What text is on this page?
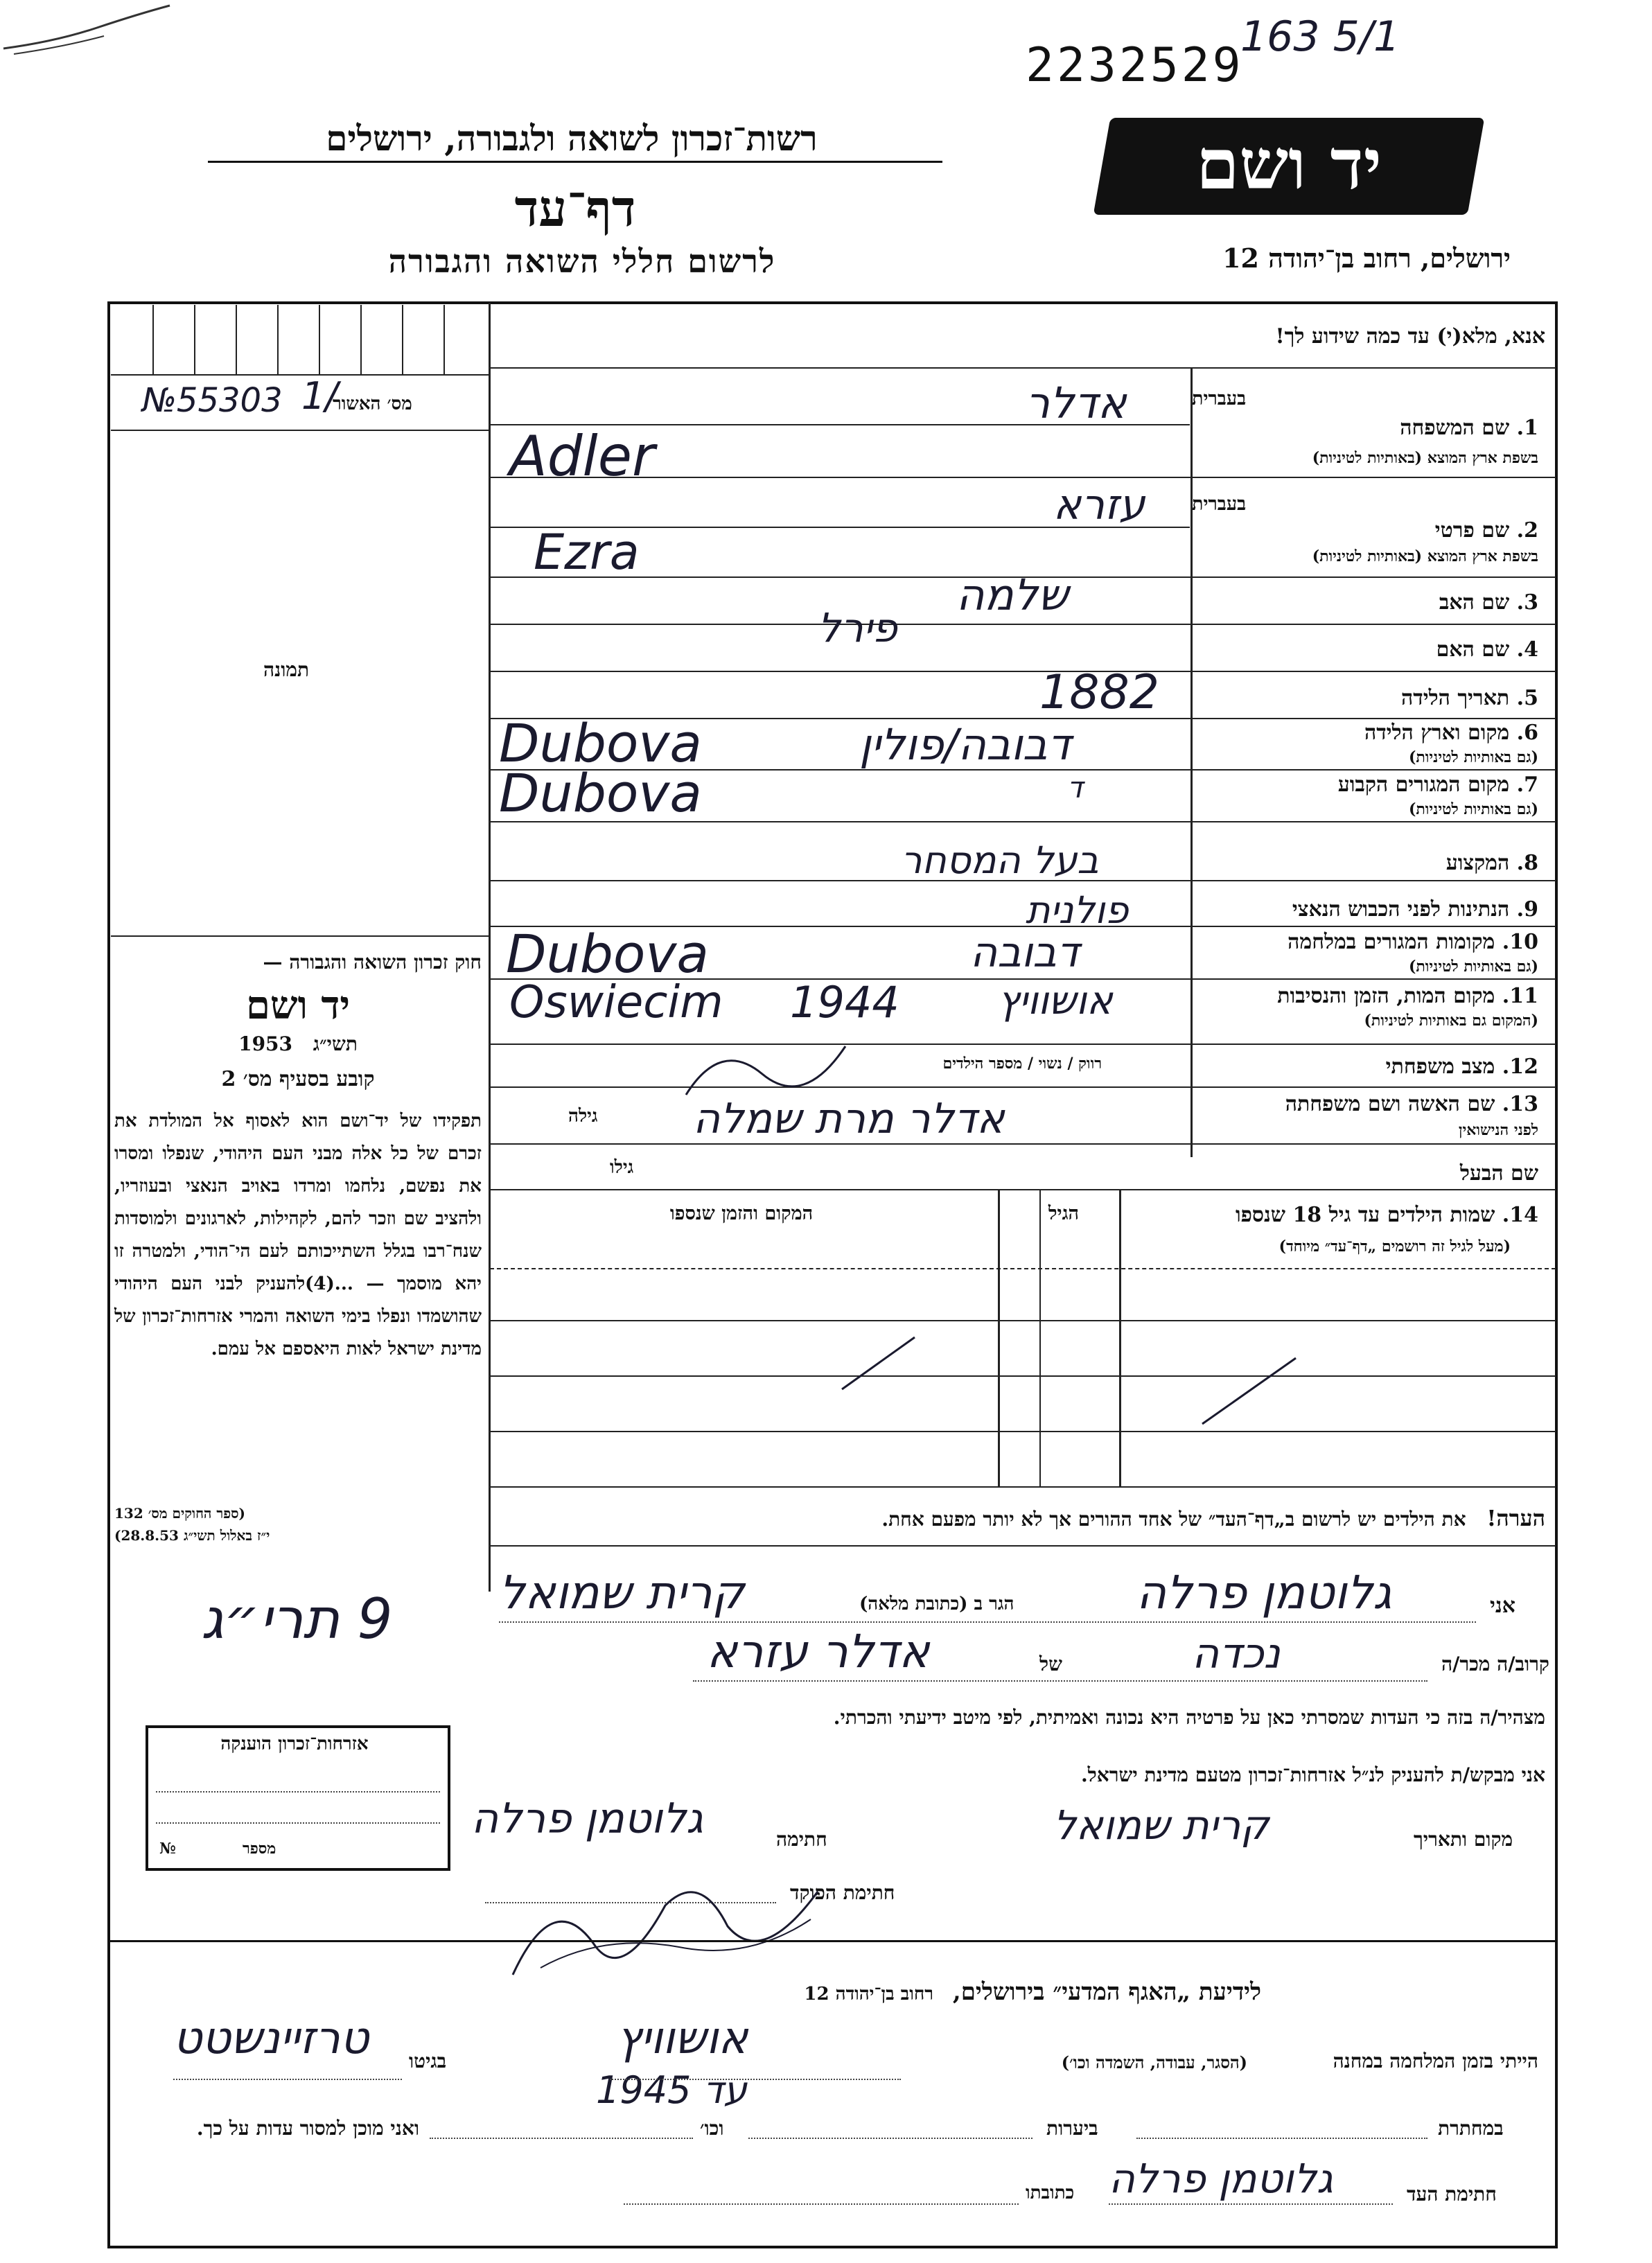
163 5/1
2232529
רשות־זכרון לשואה ולגבורה, ירושלים
דף־עד
לרשום חללי השואה והגבורה
יד ושם
ירושלים, רחוב בן־יהודה 12
מס׳ האשור
№55303 1/
תמונה
חוק זכרון השואה והגבורה —
יד ושם
תשי״ג 1953
קובע בסעיף מס׳ 2
תפקידו של יד־ושם הוא לאסוף אל המולדת את זכרם של כל אלה מבני העם היהודי, שנפלו ומסרו את נפשם, נלחמו ומרדו באויב הנאצי ובעוזריו, ולהציב שם וזכר להם, לקהילות, לארגונים ולמוסדות שנח־רבו בגלל השתייכותם לעם הי־הודי, ולמטרה זו יהא מוסמך — ...(4)להעניק לבני העם היהודי שהושמדו ונפלו בימי השואה והמרי אזרחות־זכרון של מדינת ישראל לאות היאספם אל עמם.
(ספר החוקים מס׳ 132
י״ז באלול תשי״ג 28.8.53)
אנא, מלא(י) עד כמה שידוע לך!
בעברית
1. שם המשפחה
בשפת ארץ המוצא (באותיות לטיניות)
אדלר
Adler
בעברית
2. שם פרטי
בשפת ארץ המוצא (באותיות לטיניות)
עזרא
Ezra
3. שם האב
שלמה
4. שם האם
פירל
5. תאריך הלידה
1882
6. מקום וארץ הלידה
(גם באותיות לטיניות)
Dubova	דבובה/פולין
7. מקום המגורים הקבוע
(גם באותיות לטיניות)
Dubova	ד
8. המקצוע
בעל המסחר
9. הנתינות לפני הכבוש הנאצי
פולנית
10. מקומות המגורים במלחמה
(גם באותיות לטיניות)
Dubova	דבובה
11. מקום המות, הזמן והנסיבות
(המקום גם באותיות לטיניות)
Oswiecim 1944	אושוויץ
12. מצב משפחתי
רווק / נשוי / מספר הילדים
13. שם האשה ושם משפחתה
לפני הנישואין
גילה אדלר מרת שמלה
שם הבעל
גילו
14. שמות הילדים עד גיל 18 שנספו
(מעל לגיל זה רושמים „דף־עד״ מיוחד)
הגיל
המקום והזמן שנספו
הערה! את הילדים יש לרשום ב„דף־העד״ של אחד ההורים אך לא יותר מפעם אחת.
9 תרי״ג	אני
גלוטמן פרלה
הגר ב (כתובת מלאה)
קרית שמואל
קרוב/ה מכר/ה
נכדה
של
אדלר עזרא
מצהיר/ה בזה כי העדות שמסרתי כאן על פרטיה היא נכונה ואמיתית, לפי מיטב ידיעתי והכרתי.
אני מבקש/ת להעניק לנ״ל אזרחות־זכרון מטעם מדינת ישראל.
מקום ותאריך
קרית שמואל
חתימה
גלוטמן פרלה
חתימת הפוקד
אזרחות־זכרון הוענקה
מספר
№
לידיעת „האגף המדעי״ בירושלים, רחוב בן־יהודה 12
הייתי בזמן המלחמה במחנה
(הסגר, עבודה, השמדה וכו׳)
אושוויץ
בגיטו
טרזיינשטט
עד 1945
במחתרת
ביערות
וכו׳
ואני מוכן למסור עדות על כך.
חתימת העד
גלוטמן פרלה
כתובתו
